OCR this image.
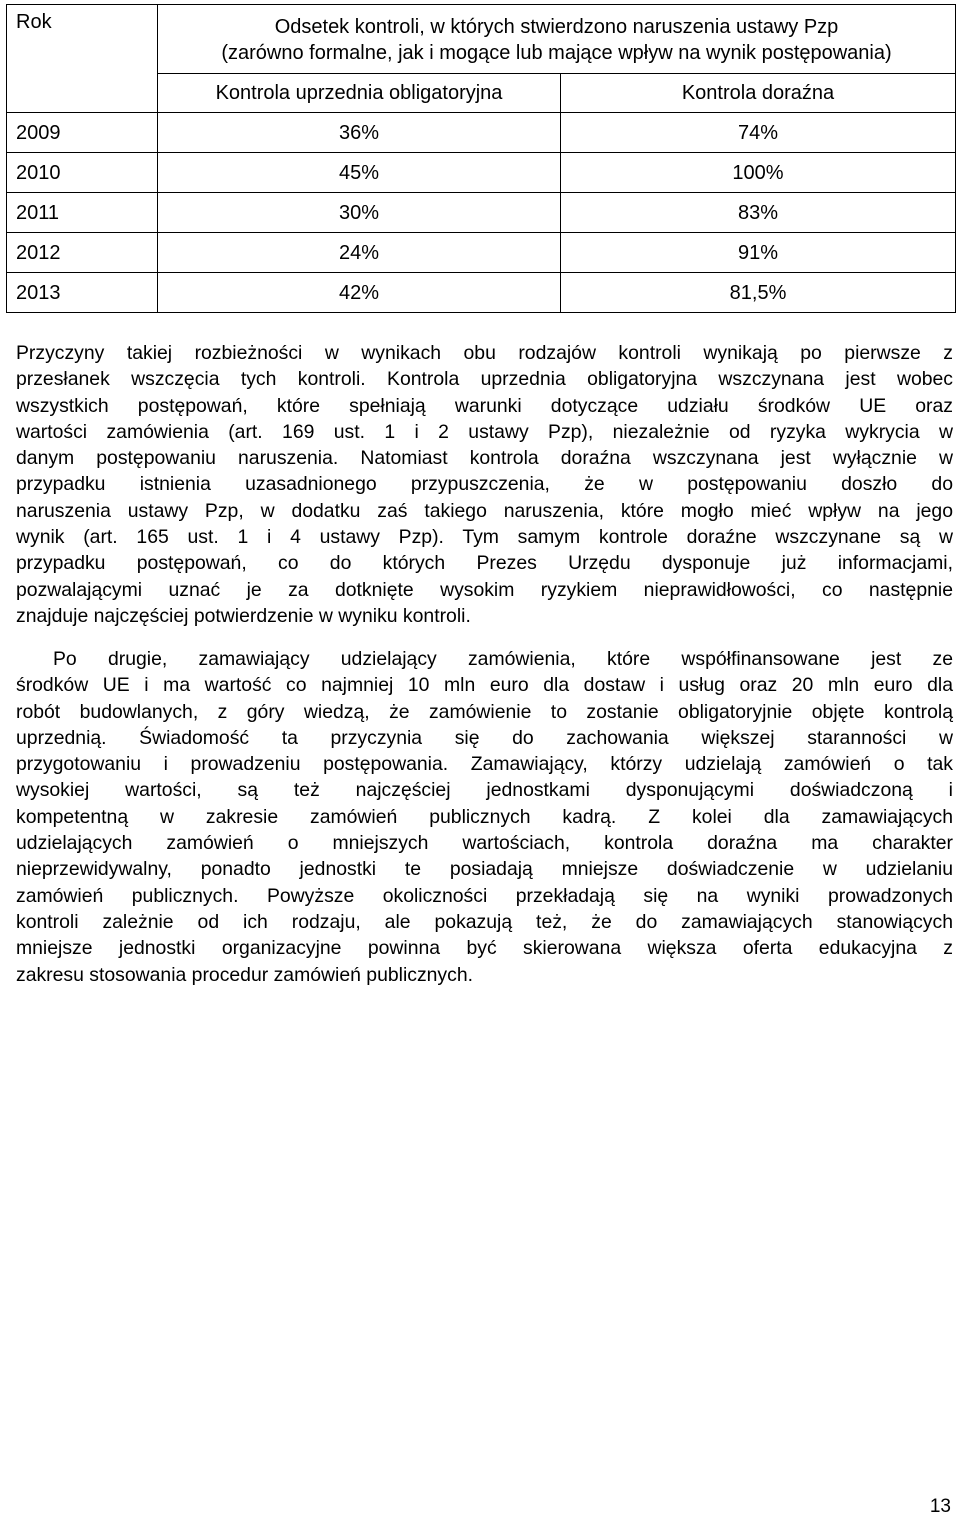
Rok	Odsetek kontroli, w których stwierdzono naruszenia ustawy Pzp
(zarówno formalne, jak i mogące lub mające wpływ na wynik postępowania)	

	Kontrola uprzednia obligatoryjna	Kontrola doraźna
2009	36%	74%
2010	45%	100%
2011	30%	83%
2012	24%	91%
2013	42%	81,5%
Przyczyny takiej rozbieżności w wynikach obu rodzajów kontroli wynikają po pierwsze z
przesłanek wszczęcia tych kontroli. Kontrola uprzednia obligatoryjna wszczynana jest wobec
wszystkich postępowań, które spełniają warunki dotyczące udziału środków UE oraz
wartości zamówienia (art. 169 ust. 1 i 2 ustawy Pzp), niezależnie od ryzyka wykrycia w
danym postępowaniu naruszenia. Natomiast kontrola doraźna wszczynana jest wyłącznie w
przypadku istnienia uzasadnionego przypuszczenia, że w postępowaniu doszło do
naruszenia ustawy Pzp, w dodatku zaś takiego naruszenia, które mogło mieć wpływ na jego
wynik (art. 165 ust. 1 i 4 ustawy Pzp). Tym samym kontrole doraźne wszczynane są w
przypadku postępowań, co do których Prezes Urzędu dysponuje już informacjami,
pozwalającymi uznać je za dotknięte wysokim ryzykiem nieprawidłowości, co następnie
znajduje najczęściej potwierdzenie w wyniku kontroli.
Po drugie, zamawiający udzielający zamówienia, które współfinansowane jest ze
środków UE i ma wartość co najmniej 10 mln euro dla dostaw i usług oraz 20 mln euro dla
robót budowlanych, z góry wiedzą, że zamówienie to zostanie obligatoryjnie objęte kontrolą
uprzednią. Świadomość ta przyczynia się do zachowania większej staranności w
przygotowaniu i prowadzeniu postępowania. Zamawiający, którzy udzielają zamówień o tak
wysokiej wartości, są też najczęściej jednostkami dysponującymi doświadczoną i
kompetentną w zakresie zamówień publicznych kadrą. Z kolei dla zamawiających
udzielających zamówień o mniejszych wartościach, kontrola doraźna ma charakter
nieprzewidywalny, ponadto jednostki te posiadają mniejsze doświadczenie w udzielaniu
zamówień publicznych. Powyższe okoliczności przekładają się na wyniki prowadzonych
kontroli zależnie od ich rodzaju, ale pokazują też, że do zamawiających stanowiących
mniejsze jednostki organizacyjne powinna być skierowana większa oferta edukacyjna z
zakresu stosowania procedur zamówień publicznych.
13
